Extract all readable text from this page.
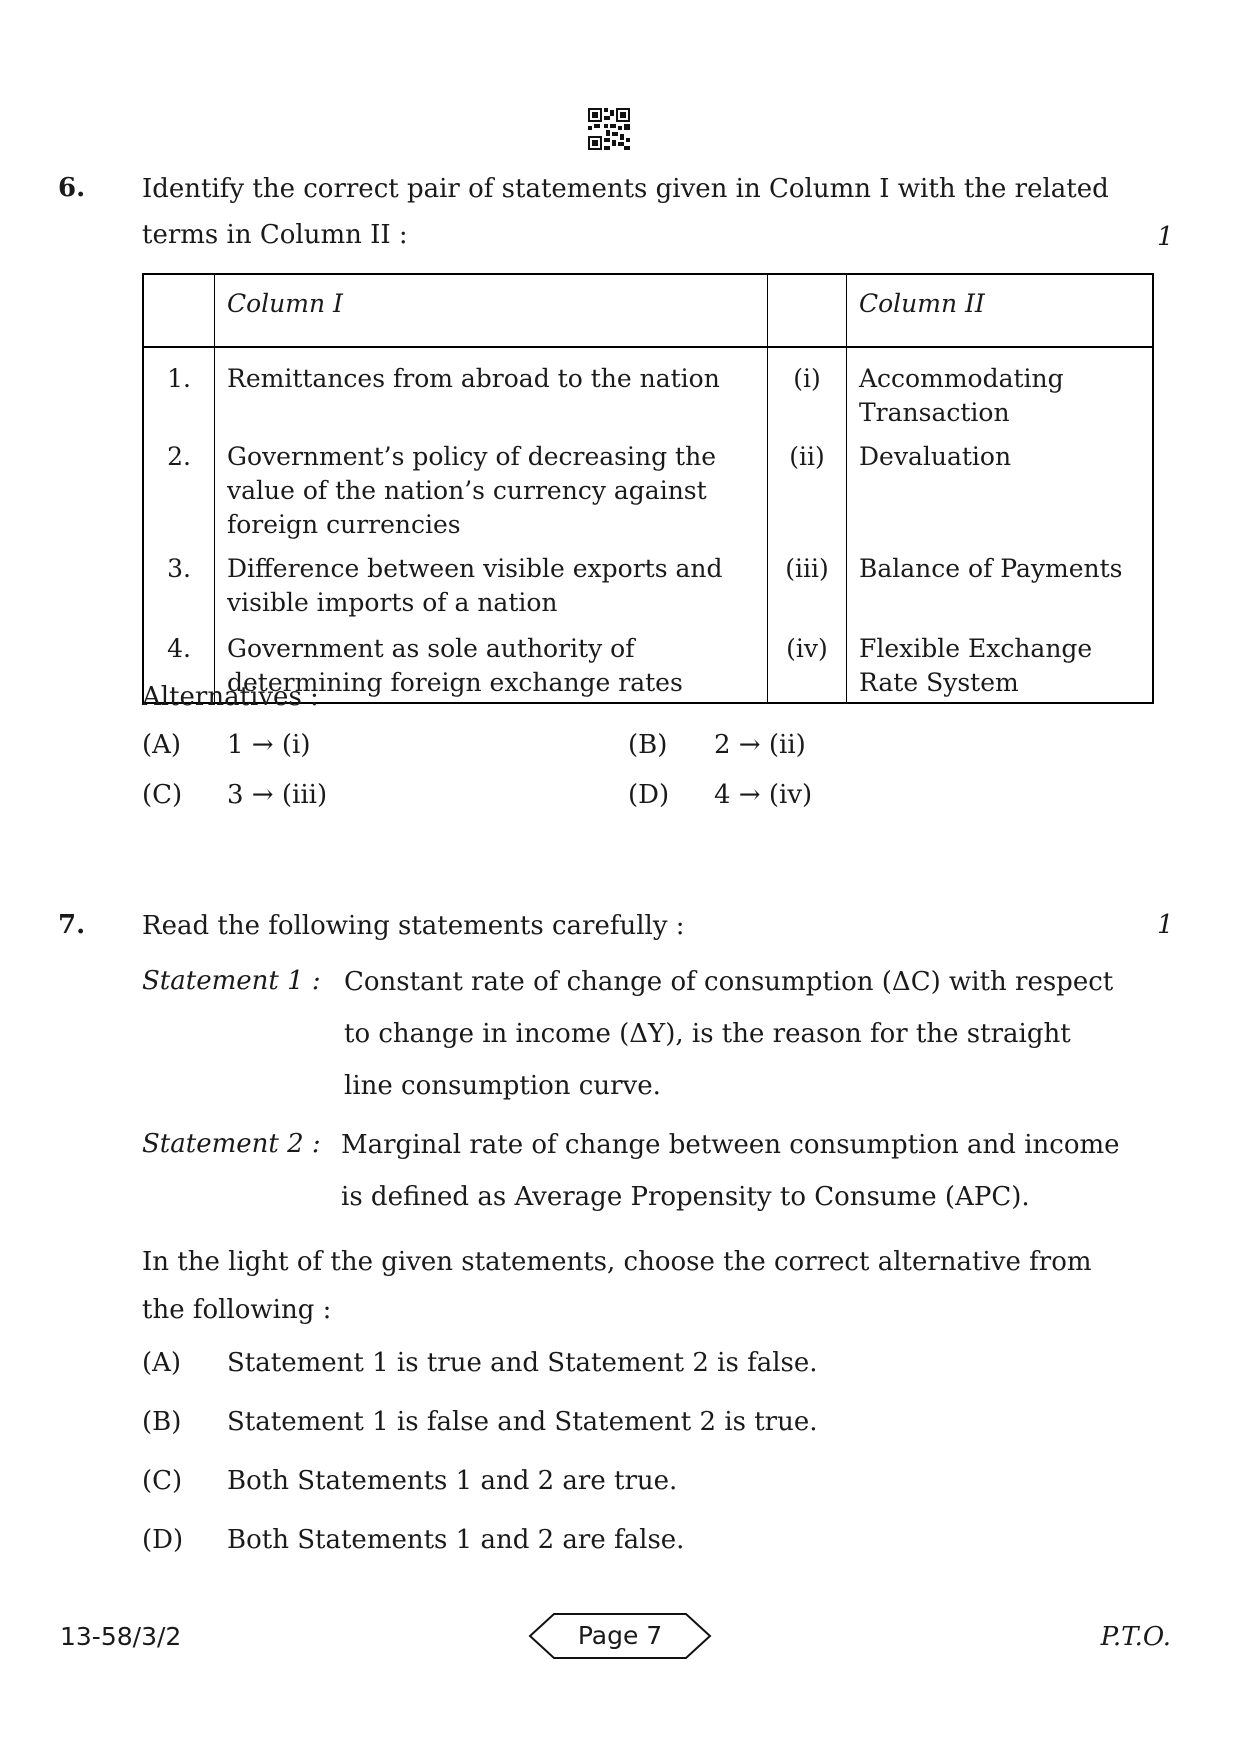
6. Identify the correct pair of statements given in Column I with the related
terms in Column II :	1
	Column I		Column II
1.	Remittances from abroad to the nation	(i)	Accommodating
Transaction

2.	Government’s policy of decreasing the
value of the nation’s currency against
foreign currencies	(ii)	Devaluation

3.	Difference between visible exports and
visible imports of a nation	(iii)	Balance of Payments

4.	Government as sole authority of
determining foreign exchange rates	(iv)	Flexible Exchange
Rate System
Alternatives :
(A) 1 → (i)	(B) 2 → (ii)
(C) 3 → (iii)	(D) 4 → (iv)
7. Read the following statements carefully :	1
Statement 1 : Constant rate of change of consumption (ΔC) with respect
to change in income (ΔY), is the reason for the straight
line consumption curve.
Statement 2 : Marginal rate of change between consumption and income
is defined as Average Propensity to Consume (APC).
In the light of the given statements, choose the correct alternative from
the following :
(A) Statement 1 is true and Statement 2 is false.
(B) Statement 1 is false and Statement 2 is true.
(C) Both Statements 1 and 2 are true.
(D) Both Statements 1 and 2 are false.
13-58/3/2	Page 7	P.T.O.
